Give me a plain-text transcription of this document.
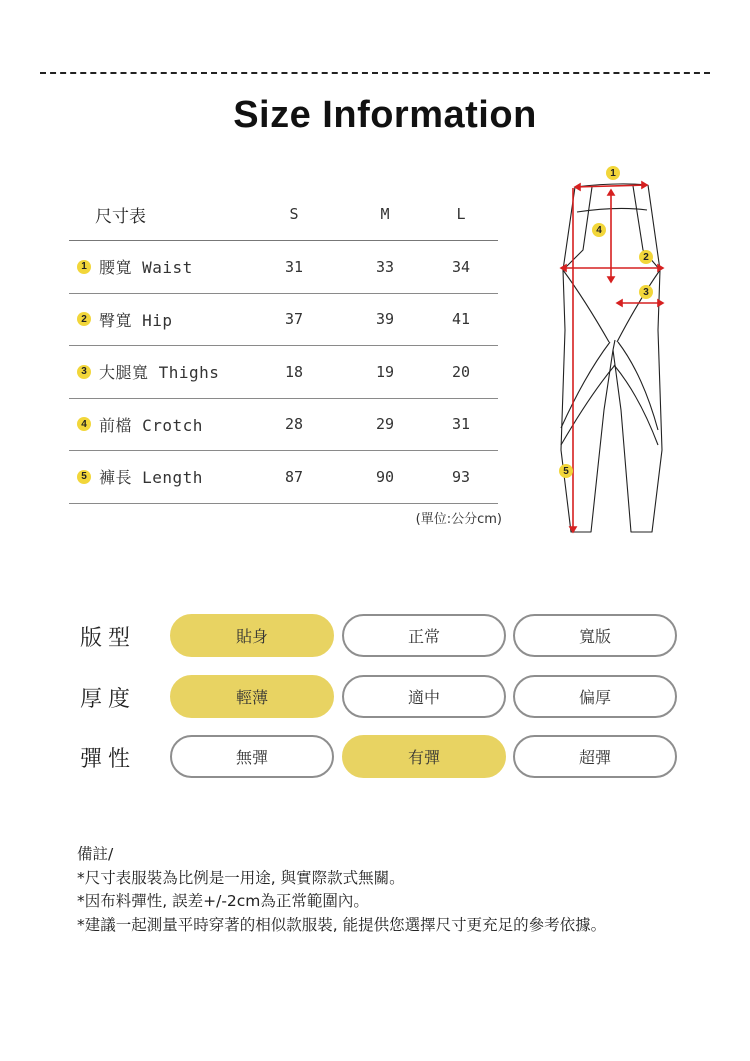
Size Information
尺寸表	S	M	L
1 腰寬 Waist	31	33	34
2 臀寬 Hip	37	39	41
3 大腿寬 Thighs	18	19	20
4 前檔 Crotch	28	29	31
5 褲長 Length	87	90	93
(單位:公分cm)
1
2
3
4
5
版型	貼身	正常	寬版
厚度	輕薄	適中	偏厚
彈性	無彈	有彈	超彈
備註/
*尺寸表服裝為比例是一用途, 與實際款式無關。
*因布料彈性, 誤差+/-2cm為正常範圍內。
*建議一起測量平時穿著的相似款服裝, 能提供您選擇尺寸更充足的參考依據。
